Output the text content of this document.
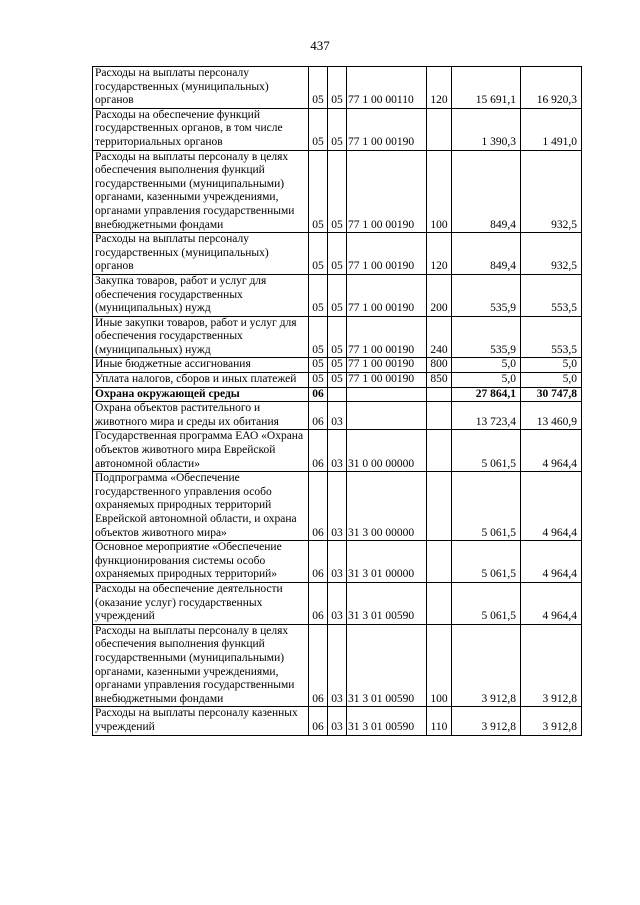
437
Расходы на выплаты персоналу государственных (муниципальных) органов	05	05	77 1 00 00110	120	15 691,1	16 920,3
Расходы на обеспечение функций государственных органов, в том числе территориальных органов	05	05	77 1 00 00190		1 390,3	1 491,0
Расходы на выплаты персоналу в целях обеспечения выполнения функций государственными (муниципальными) органами, казенными учреждениями, органами управления государственными внебюджетными фондами	05	05	77 1 00 00190	100	849,4	932,5
Расходы на выплаты персоналу государственных (муниципальных) органов	05	05	77 1 00 00190	120	849,4	932,5
Закупка товаров, работ и услуг для обеспечения государственных (муниципальных) нужд	05	05	77 1 00 00190	200	535,9	553,5
Иные закупки товаров, работ и услуг для обеспечения государственных (муниципальных) нужд	05	05	77 1 00 00190	240	535,9	553,5
Иные бюджетные ассигнования	05	05	77 1 00 00190	800	5,0	5,0
Уплата налогов, сборов и иных платежей	05	05	77 1 00 00190	850	5,0	5,0
Охрана окружающей среды	06				27 864,1	30 747,8
Охрана объектов растительного и животного мира и среды их обитания	06	03			13 723,4	13 460,9
Государственная программа ЕАО «Охрана объектов животного мира Еврейской автономной области»	06	03	31 0 00 00000		5 061,5	4 964,4
Подпрограмма «Обеспечение государственного управления особо охраняемых природных территорий Еврейской автономной области, и охрана объектов животного мира»	06	03	31 3 00 00000		5 061,5	4 964,4
Основное мероприятие «Обеспечение функционирования системы особо охраняемых природных территорий»	06	03	31 3 01 00000		5 061,5	4 964,4
Расходы на обеспечение деятельности (оказание услуг) государственных учреждений	06	03	31 3 01 00590		5 061,5	4 964,4
Расходы на выплаты персоналу в целях обеспечения выполнения функций государственными (муниципальными) органами, казенными учреждениями, органами управления государственными внебюджетными фондами	06	03	31 3 01 00590	100	3 912,8	3 912,8
Расходы на выплаты персоналу казенных учреждений	06	03	31 3 01 00590	110	3 912,8	3 912,8
